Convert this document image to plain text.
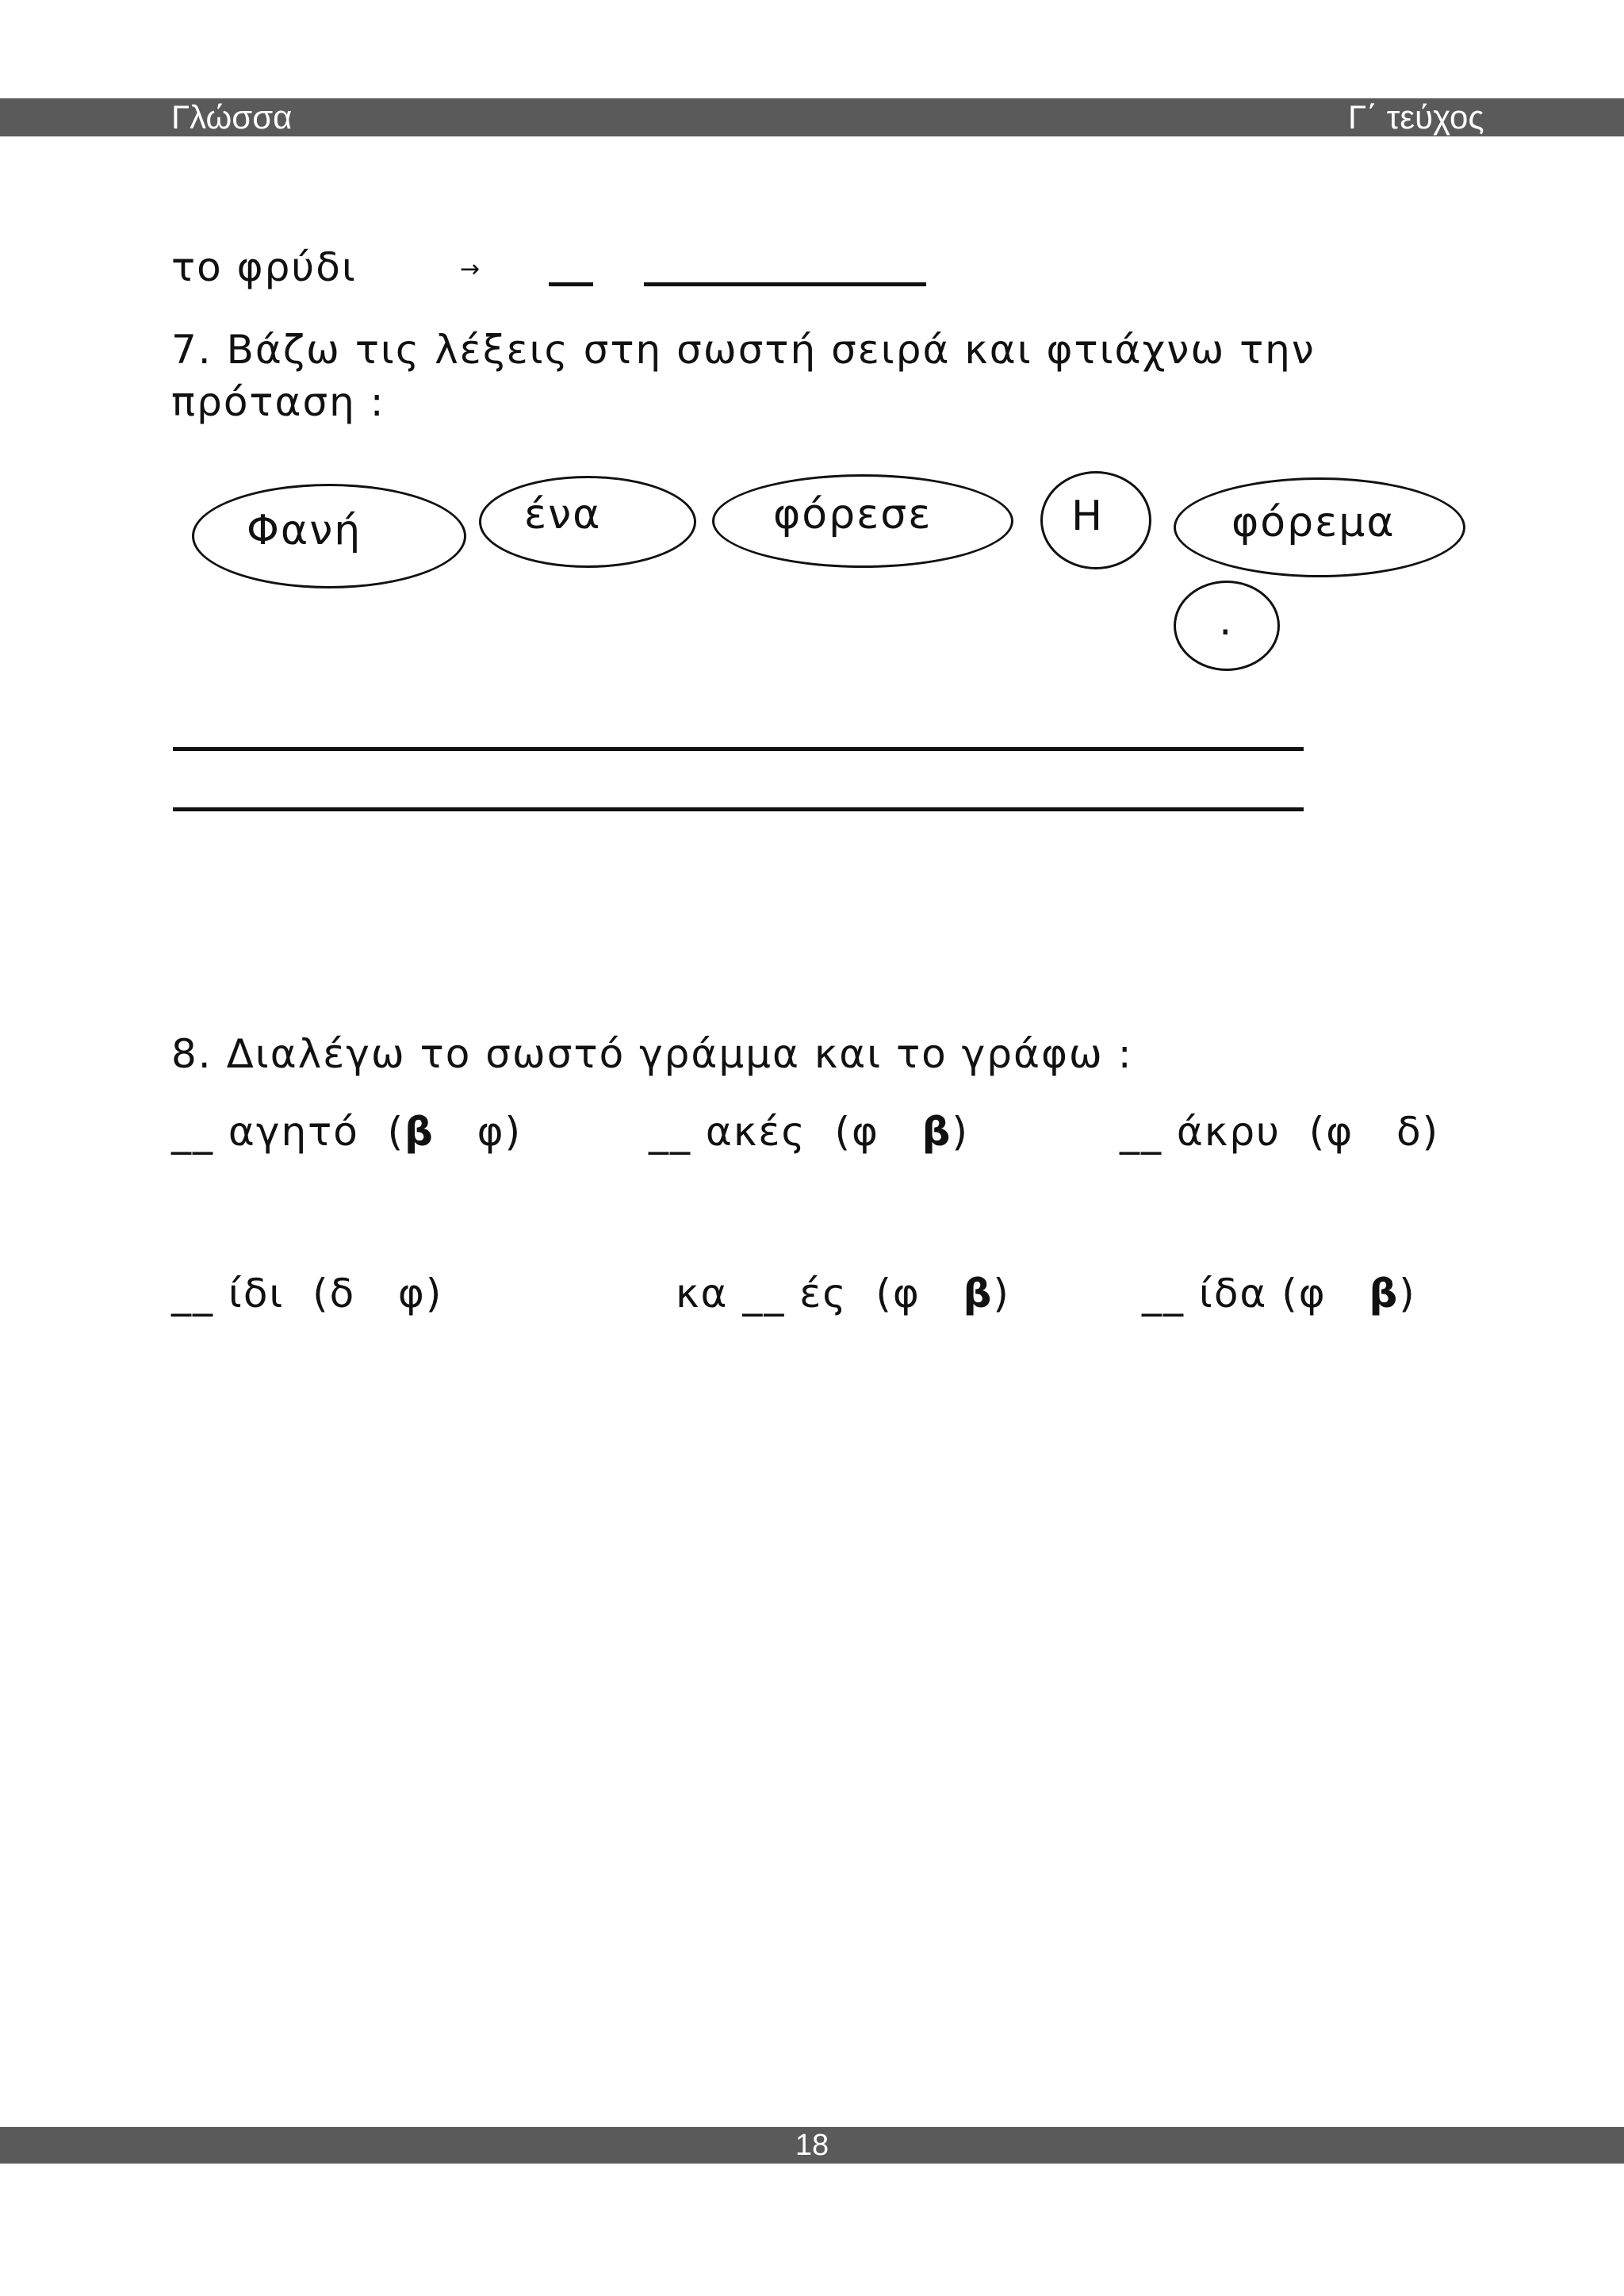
Γλώσσα	Γ΄ τεύχος
το φρύδι	→
7. Βάζω τις λέξεις στη σωστή σειρά και φτιάχνω την
πρόταση :
Φανή	ένα	φόρεσε	Η	φόρεμα
.
8. Διαλέγω το σωστό γράμμα και το γράφω :
__ αγητό  (β φ)	__ ακές  (φ β)	__ άκρυ  (φ δ)
__ ίδι  (δ φ)	κα __ ές  (φ β)	__ ίδα (φ β)
18
